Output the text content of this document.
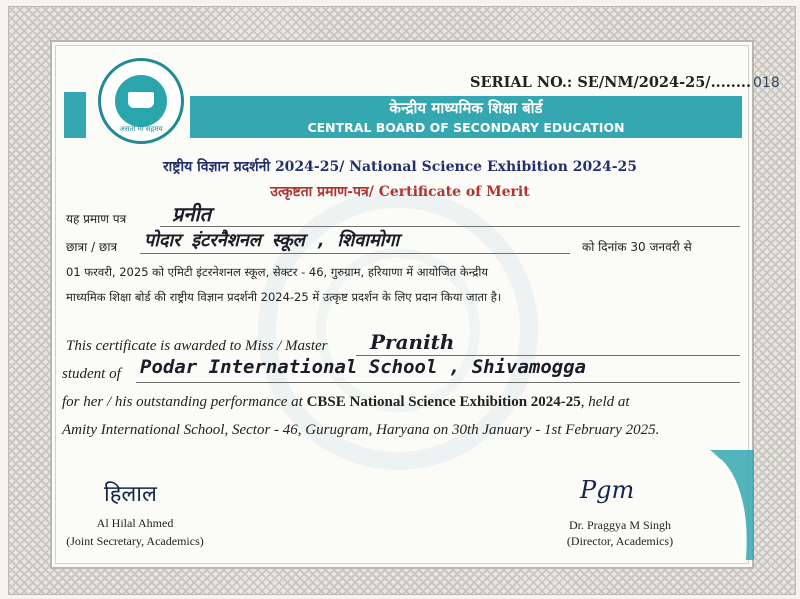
असतो मा सद्गमय
SERIAL NO.: SE/NM/2024-25/........ 018
केन्द्रीय माध्यमिक शिक्षा बोर्ड
CENTRAL BOARD OF SECONDARY EDUCATION
राष्ट्रीय विज्ञान प्रदर्शनी 2024-25/ National Science Exhibition 2024-25
उत्कृष्टता प्रमाण-पत्र/ Certificate of Merit
यह प्रमाण पत्र प्रनीत
छात्रा / छात्र पोदार इंटरनैशनल स्कूल , शिवामोगा	को दिनांक 30 जनवरी से
01 फरवरी, 2025 को एमिटी इंटरनेशनल स्कूल, सेक्टर - 46, गुरुग्राम, हरियाणा में आयोजित केन्द्रीय
माध्यमिक शिक्षा बोर्ड की राष्ट्रीय विज्ञान प्रदर्शनी 2024-25 में उत्कृष्ट प्रदर्शन के लिए प्रदान किया जाता है।
This certificate is awarded to Miss / Master Pranith
student of Podar International School , Shivamogga
for her / his outstanding performance at CBSE National Science Exhibition 2024-25, held at
Amity International School, Sector - 46, Gurugram, Haryana on 30th January - 1st February 2025.
हिलाल
Al Hilal Ahmed
(Joint Secretary, Academics)
Pgm
Dr. Praggya M Singh
(Director, Academics)
